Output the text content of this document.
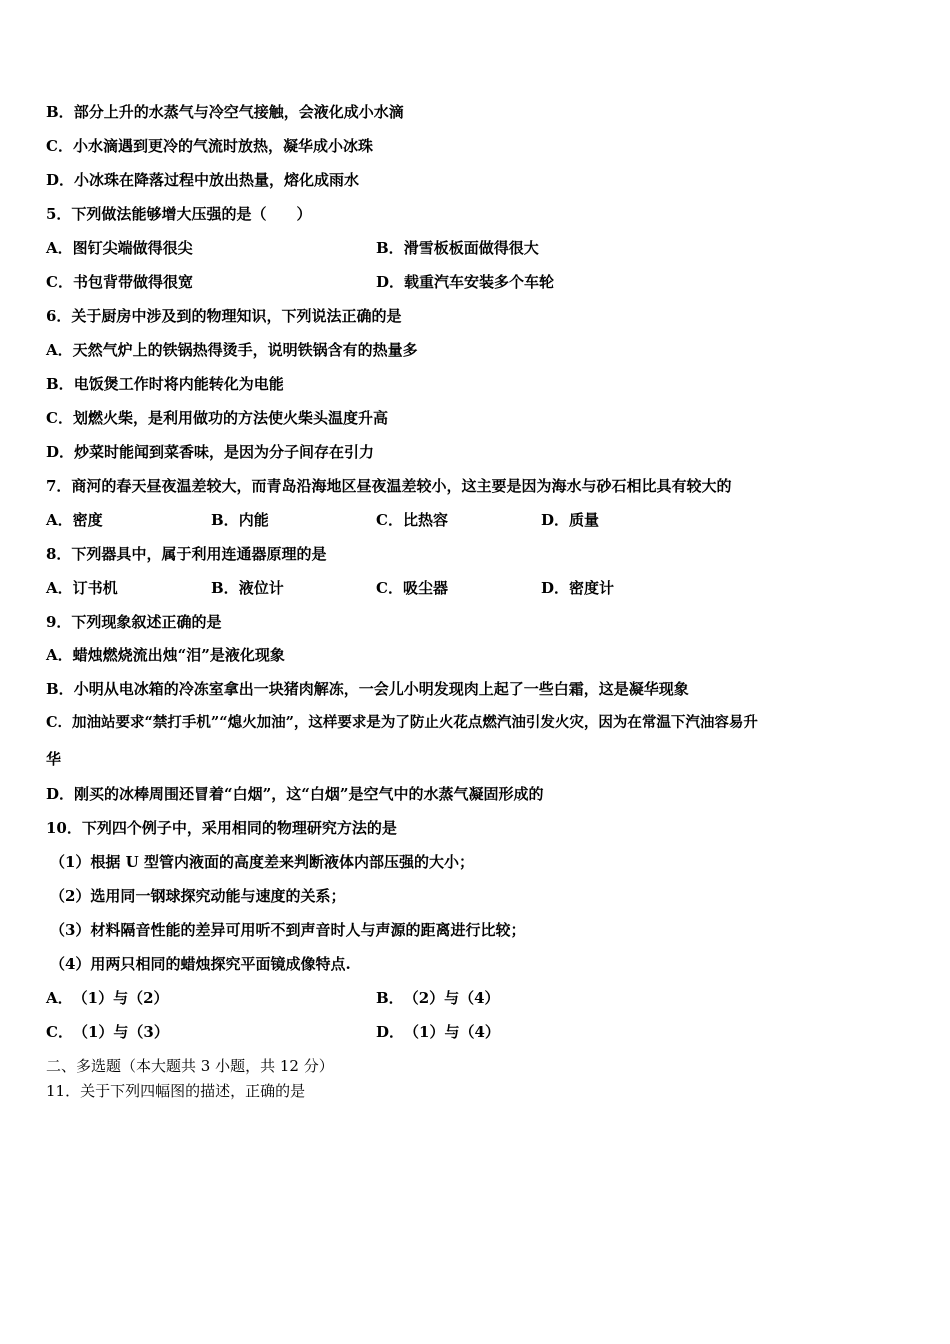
B．部分上升的水蒸气与冷空气接触，会液化成小水滴
C．小水滴遇到更冷的气流时放热，凝华成小冰珠
D．小冰珠在降落过程中放出热量，熔化成雨水
5．下列做法能够增大压强的是（　　）
A．图钉尖端做得很尖	B．滑雪板板面做得很大
C．书包背带做得很宽	D．载重汽车安装多个车轮
6．关于厨房中涉及到的物理知识，下列说法正确的是
A．天然气炉上的铁锅热得烫手，说明铁锅含有的热量多
B．电饭煲工作时将内能转化为电能
C．划燃火柴，是利用做功的方法使火柴头温度升高
D．炒菜时能闻到菜香味，是因为分子间存在引力
7．商河的春天昼夜温差较大，而青岛沿海地区昼夜温差较小，这主要是因为海水与砂石相比具有较大的
A．密度	B．内能	C．比热容	D．质量
8．下列器具中，属于利用连通器原理的是
A．订书机	B．液位计	C．吸尘器	D．密度计
9．下列现象叙述正确的是
A．蜡烛燃烧流出烛“泪”是液化现象
B．小明从电冰箱的冷冻室拿出一块猪肉解冻，一会儿小明发现肉上起了一些白霜，这是凝华现象
C．加油站要求“禁打手机”“熄火加油”，这样要求是为了防止火花点燃汽油引发火灾，因为在常温下汽油容易升
华
D．刚买的冰棒周围还冒着“白烟”，这“白烟”是空气中的水蒸气凝固形成的
10．下列四个例子中，采用相同的物理研究方法的是
（1）根据 U 型管内液面的高度差来判断液体内部压强的大小；
（2）选用同一钢球探究动能与速度的关系；
（3）材料隔音性能的差异可用听不到声音时人与声源的距离进行比较；
（4）用两只相同的蜡烛探究平面镜成像特点.
A．（1）与（2）	B．（2）与（4）
C．（1）与（3）	D．（1）与（4）
二、多选题（本大题共 3 小题，共 12 分）
11．关于下列四幅图的描述，正确的是
